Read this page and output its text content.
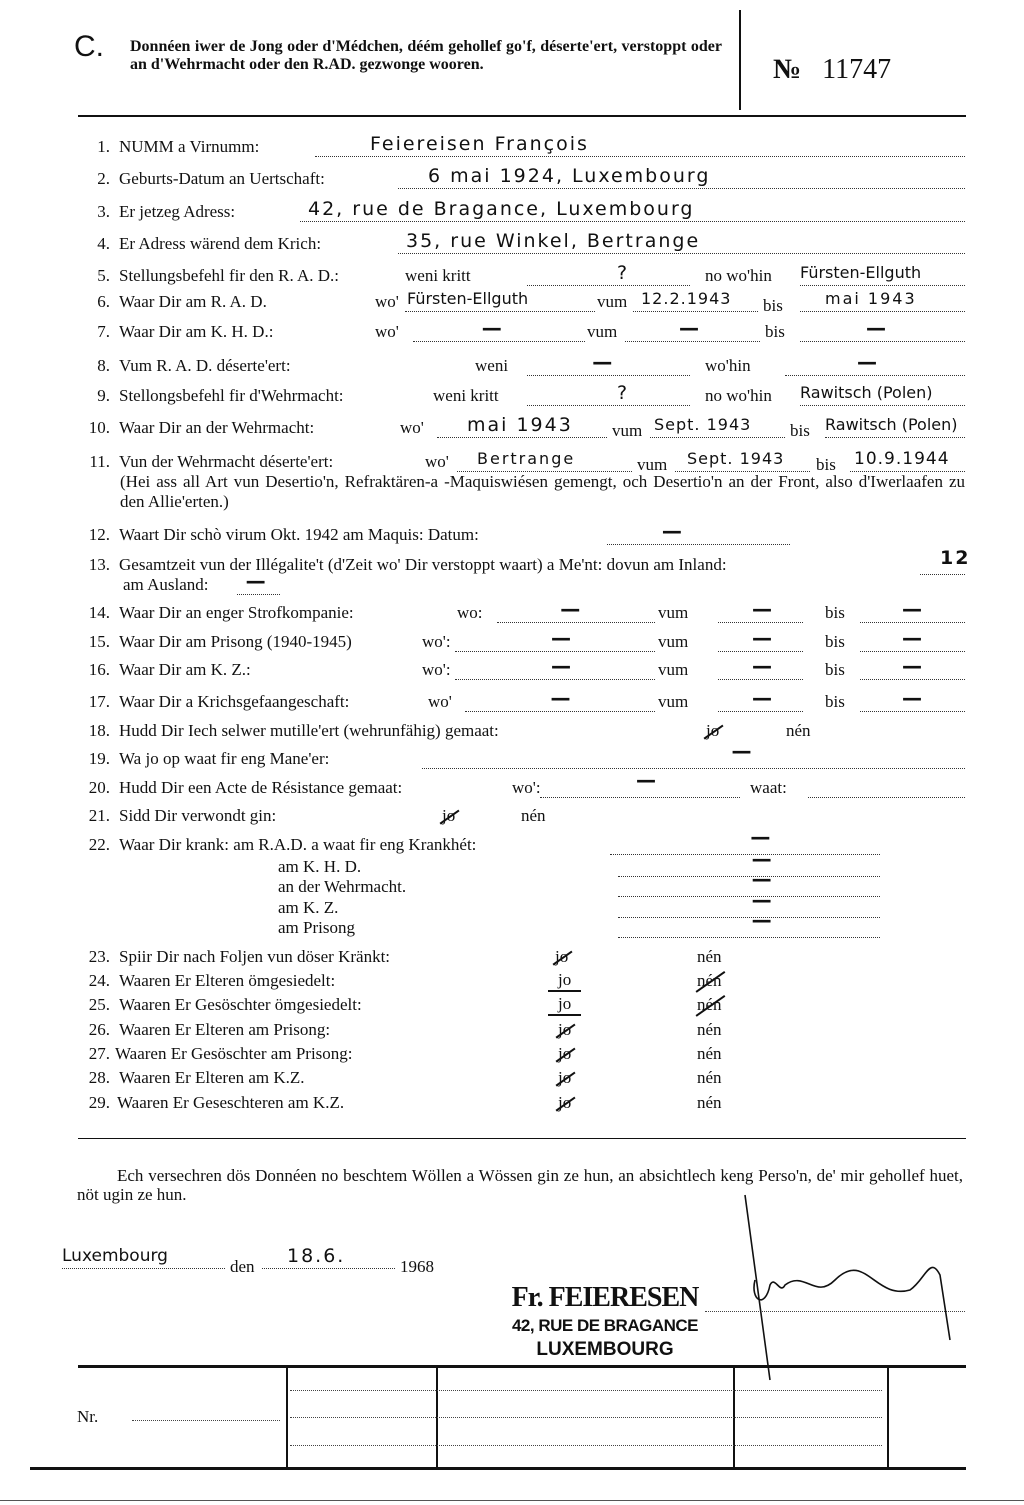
C. Donnéen iwer de Jong oder d'Médchen, déém gehollef go'f, déserte'ert, verstoppt oder an d'Wehrmacht oder den R.AD. gezwonge wooren.	№ 11747
1. NUMM a Virnumm:	Feiereisen François
2. Geburts-Datum an Uertschaft:	6 mai 1924, Luxembourg
3. Er jetzeg Adress:	42, rue de Bragance, Luxembourg
4. Er Adress wärend dem Krich:	35, rue Winkel, Bertrange
5. Stellungsbefehl fir den R. A. D.:	weni kritt	?	no wo'hin Fürsten-Ellguth
6. Waar Dir am R. A. D.	wo' Fürsten-Ellguth	vum 12.2.1943 bis	mai 1943
7. Waar Dir am K. H. D.:	wo'	—	vum	—	bis	—
8. Vum R. A. D. déserte'ert:	weni	—	wo'hin	—
9. Stellongsbefehl fir d'Wehrmacht:	weni kritt	?	no wo'hin Rawitsch (Polen)
10. Waar Dir an der Wehrmacht:	wo' mai 1943 vum Sept. 1943 bis Rawitsch (Polen)
11. Vun der Wehrmacht déserte'ert:	wo' Bertrange	vum Sept. 1943 bis 10.9.1944
(Hei ass all Art vun Desertio'n, Refraktären-a -Maquiswiésen gemengt, och Desertio'n an der Front, also d'Iwerlaafen zu den Allie'erten.)
12. Waart Dir schò virum Okt. 1942 am Maquis: Datum:	—
13. Gesamtzeit vun der Illégalite't (d'Zeit wo' Dir verstoppt waart) a Me'nt: dovun am Inland:	12
am Ausland: —
14. Waar Dir an enger Strofkompanie:	wo:	—	vum	—	bis	—
15. Waar Dir am Prisong (1940-1945)	wo':	—	vum	—	bis	—
16. Waar Dir am K. Z.:	wo':	—	vum	—	bis	—
17. Waar Dir a Krichsgefaangeschaft:	wo'	—	vum	—	bis	—
18. Hudd Dir Iech selwer mutille'ert (wehrunfähig) gemaat:	jo	nén
19. Wa jo op waat fir eng Mane'er:	—
20. Hudd Dir een Acte de Résistance gemaat:	wo':	—	waat:
21. Sidd Dir verwondt gin:	jo	nén
22. Waar Dir krank: am R.A.D. a waat fir eng Krankhét:	—
am K. H. D.	—
an der Wehrmacht.	—
am K. Z.	—
am Prisong	—
23. Spiir Dir nach Foljen vun döser Kränkt:	jo	nén
24. Waaren Er Elteren ömgesiedelt:	jo	nén
25. Waaren Er Gesöschter ömgesiedelt:	jo	nén
26. Waaren Er Elteren am Prisong:	jo	nén
27. Waaren Er Gesöschter am Prisong:	jo	nén
28. Waaren Er Elteren am K.Z.	jo	nén
29. Waaren Er Geseschteren am K.Z.	jo	nén
Ech versechren dös Donnéen no beschtem Wöllen a Wössen gin ze hun, an absichtlech keng Perso'n, de' mir gehollef huet, nöt ugin ze hun.
Luxembourg
den 18.6.	1968
Fr. FEIERESEN
42, RUE DE BRAGANCE
LUXEMBOURG
Nr.
